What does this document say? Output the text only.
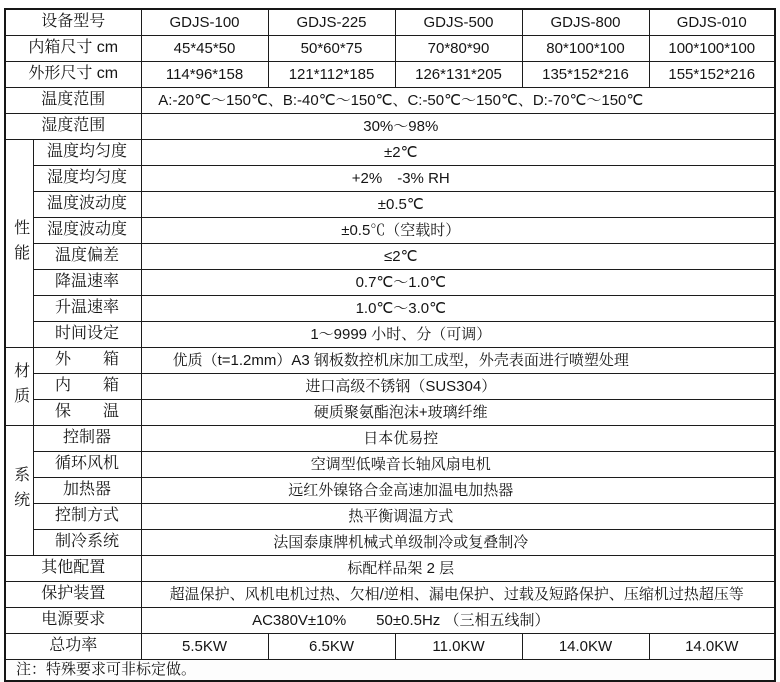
设备型号		GDJS-100	GDJS-225	GDJS-500	GDJS-800	GDJS-010
内箱尺寸 cm		45*45*50	50*60*75	70*80*90	80*100*100	100*100*100
外形尺寸 cm		114*96*158	121*112*185	126*131*205	135*152*216	155*152*216
温度范围		A:-20℃～150℃、B:-40℃～150℃、C:-50℃～150℃、D:-70℃～150℃				
湿度范围		30%～98%				
性能	温度均匀度	±2℃				
	湿度均匀度	+2%　-3% RH				
	温度波动度	±0.5℃				
	湿度波动度	±0.5℃（空载时）				
	温度偏差	≤2℃				
	降温速率	0.7℃～1.0℃				
	升温速率	1.0℃～3.0℃				
	时间设定	1～9999 小时、分（可调）				
材质	外　　箱	优质（t=1.2mm）A3 钢板数控机床加工成型，外壳表面进行喷塑处理				
	内　　箱	进口高级不锈钢（SUS304）				
	保　　温	硬质聚氨酯泡沫+玻璃纤维				
系统	控制器	日本优易控				
	循环风机	空调型低噪音长轴风扇电机				
	加热器	远红外镍铬合金高速加温电加热器				
	控制方式	热平衡调温方式				
	制冷系统	法国泰康牌机械式单级制冷或复叠制冷				
其他配置		标配样品架 2 层				
保护装置		超温保护、风机电机过热、欠相/逆相、漏电保护、过载及短路保护、压缩机过热超压等				
电源要求		AC380V±10%　　50±0.5Hz （三相五线制）				
总功率		5.5KW	6.5KW	11.0KW	14.0KW	14.0KW
注：特殊要求可非标定做。						
